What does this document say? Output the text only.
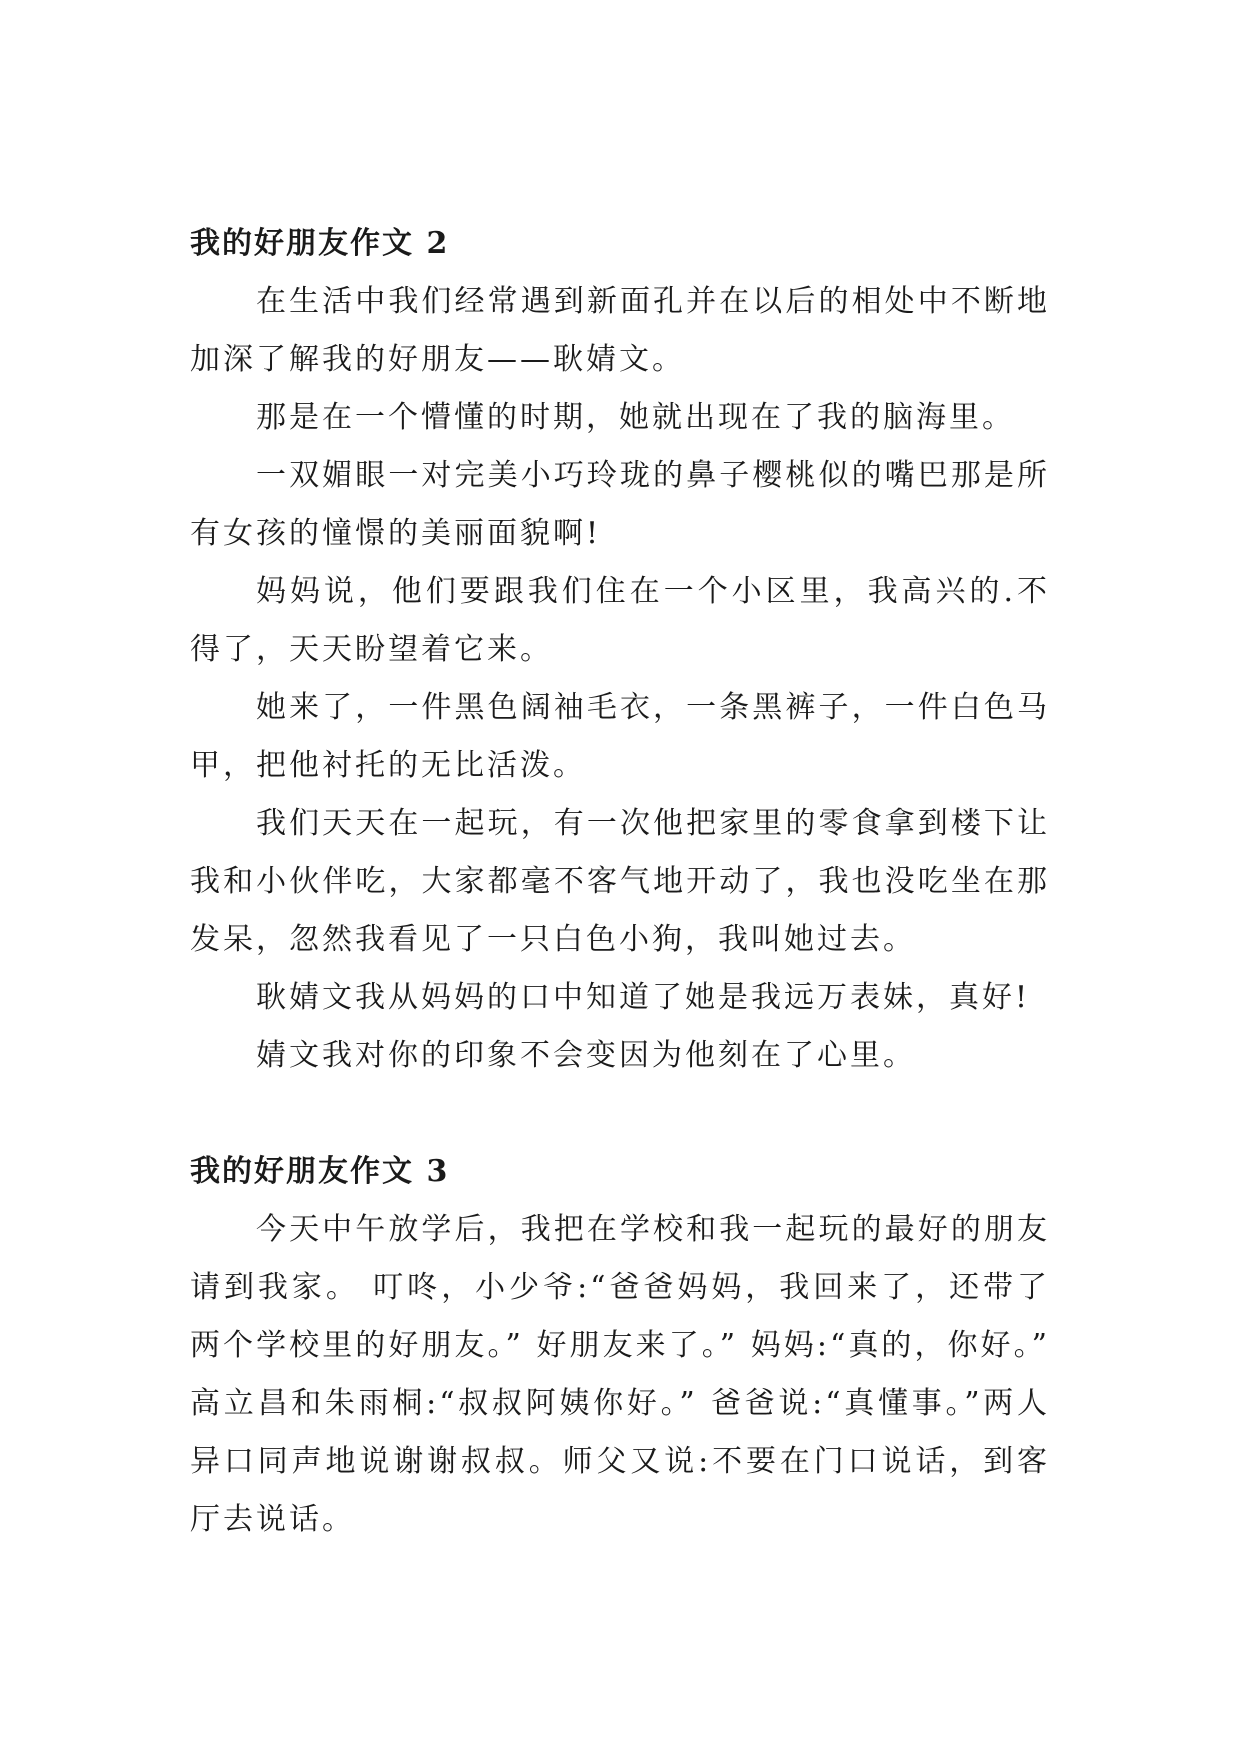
我的好朋友作文 2

在生活中我们经常遇到新面孔并在以后的相处中不断地加深了解我的好朋友——耿婧文。

那是在一个懵懂的时期，她就出现在了我的脑海里。

一双媚眼一对完美小巧玲珑的鼻子樱桃似的嘴巴那是所有女孩的憧憬的美丽面貌啊!

妈妈说，他们要跟我们住在一个小区里，我高兴的.不得了，天天盼望着它来。

她来了，一件黑色阔袖毛衣，一条黑裤子，一件白色马甲，把他衬托的无比活泼。

我们天天在一起玩，有一次他把家里的零食拿到楼下让我和小伙伴吃，大家都毫不客气地开动了，我也没吃坐在那发呆，忽然我看见了一只白色小狗，我叫她过去。

耿婧文我从妈妈的口中知道了她是我远万表妹，真好!

婧文我对你的印象不会变因为他刻在了心里。

我的好朋友作文 3

今天中午放学后，我把在学校和我一起玩的最好的朋友请到我家。 叮咚，小少爷:“爸爸妈妈，我回来了，还带了两个学校里的好朋友。” 好朋友来了。” 妈妈:“真的，你好。” 高立昌和朱雨桐:“叔叔阿姨你好。” 爸爸说:“真懂事。”两人异口同声地说谢谢叔叔。师父又说:不要在门口说话，到客厅去说话。
